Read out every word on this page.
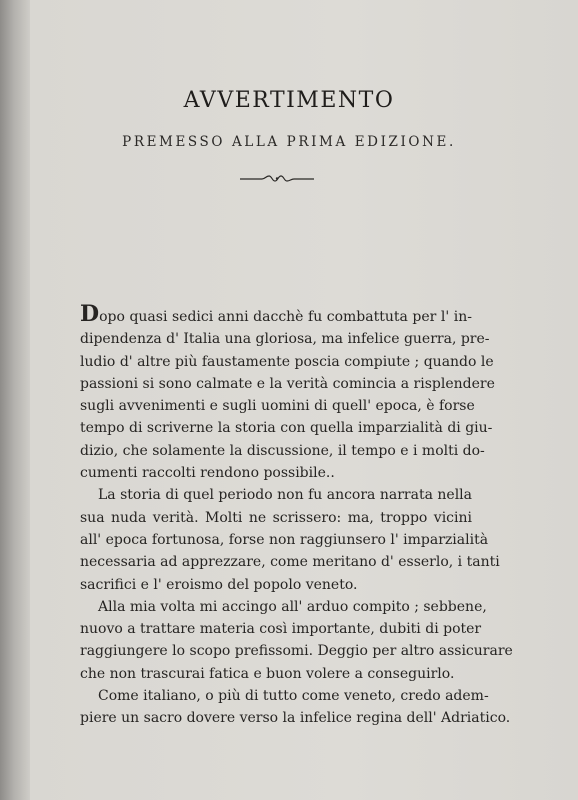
AVVERTIMENTO
PREMESSO ALLA PRIMA EDIZIONE.
Dopo quasi sedici anni dacchè fu combattuta per l' in-
dipendenza d' Italia una gloriosa, ma infelice guerra, pre-
ludio d' altre più faustamente poscia compiute ; quando le
passioni si sono calmate e la verità comincia a risplendere
sugli avvenimenti e sugli uomini di quell' epoca, è forse
tempo di scriverne la storia con quella imparzialità di giu-
dizio, che solamente la discussione, il tempo e i molti do-
cumenti raccolti rendono possibile..
La storia di quel periodo non fu ancora narrata nella
sua nuda verità. Molti ne scrissero: ma, troppo vicini
all' epoca fortunosa, forse non raggiunsero l' imparzialità
necessaria ad apprezzare, come meritano d' esserlo, i tanti
sacrifici e l' eroismo del popolo veneto.
Alla mia volta mi accingo all' arduo compito ; sebbene,
nuovo a trattare materia così importante, dubiti di poter
raggiungere lo scopo prefissomi. Deggio per altro assicurare
che non trascurai fatica e buon volere a conseguirlo.
Come italiano, o più di tutto come veneto, credo adem-
piere un sacro dovere verso la infelice regina dell' Adriatico.
